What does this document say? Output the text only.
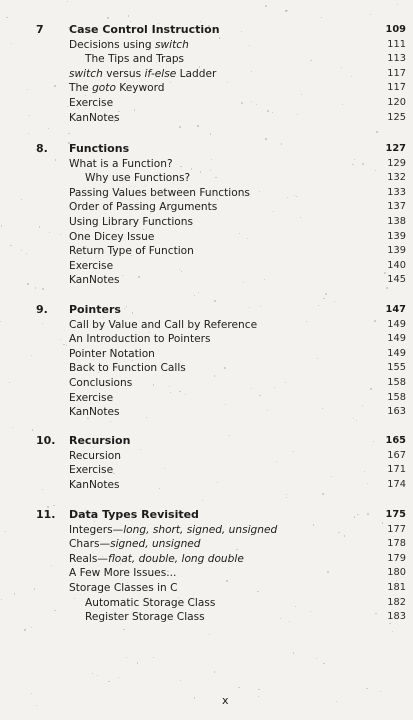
7 Case Control Instruction	109
Decisions using switch	111
The Tips and Traps	113
switch versus if-else Ladder	117
The goto Keyword	117
Exercise	120
KanNotes	125
8. Functions	127
What is a Function?	129
Why use Functions?	132
Passing Values between Functions	133
Order of Passing Arguments	137
Using Library Functions	138
One Dicey Issue	139
Return Type of Function	139
Exercise	140
KanNotes	145
9. Pointers	147
Call by Value and Call by Reference	149
An Introduction to Pointers	149
Pointer Notation	149
Back to Function Calls	155
Conclusions	158
Exercise	158
KanNotes	163
10. Recursion	165
Recursion	167
Exercise	171
KanNotes	174
11. Data Types Revisited	175
Integers—long, short, signed, unsigned	177
Chars—signed, unsigned	178
Reals—float, double, long double	179
A Few More Issues...	180
Storage Classes in C	181
Automatic Storage Class	182
Register Storage Class	183
x
